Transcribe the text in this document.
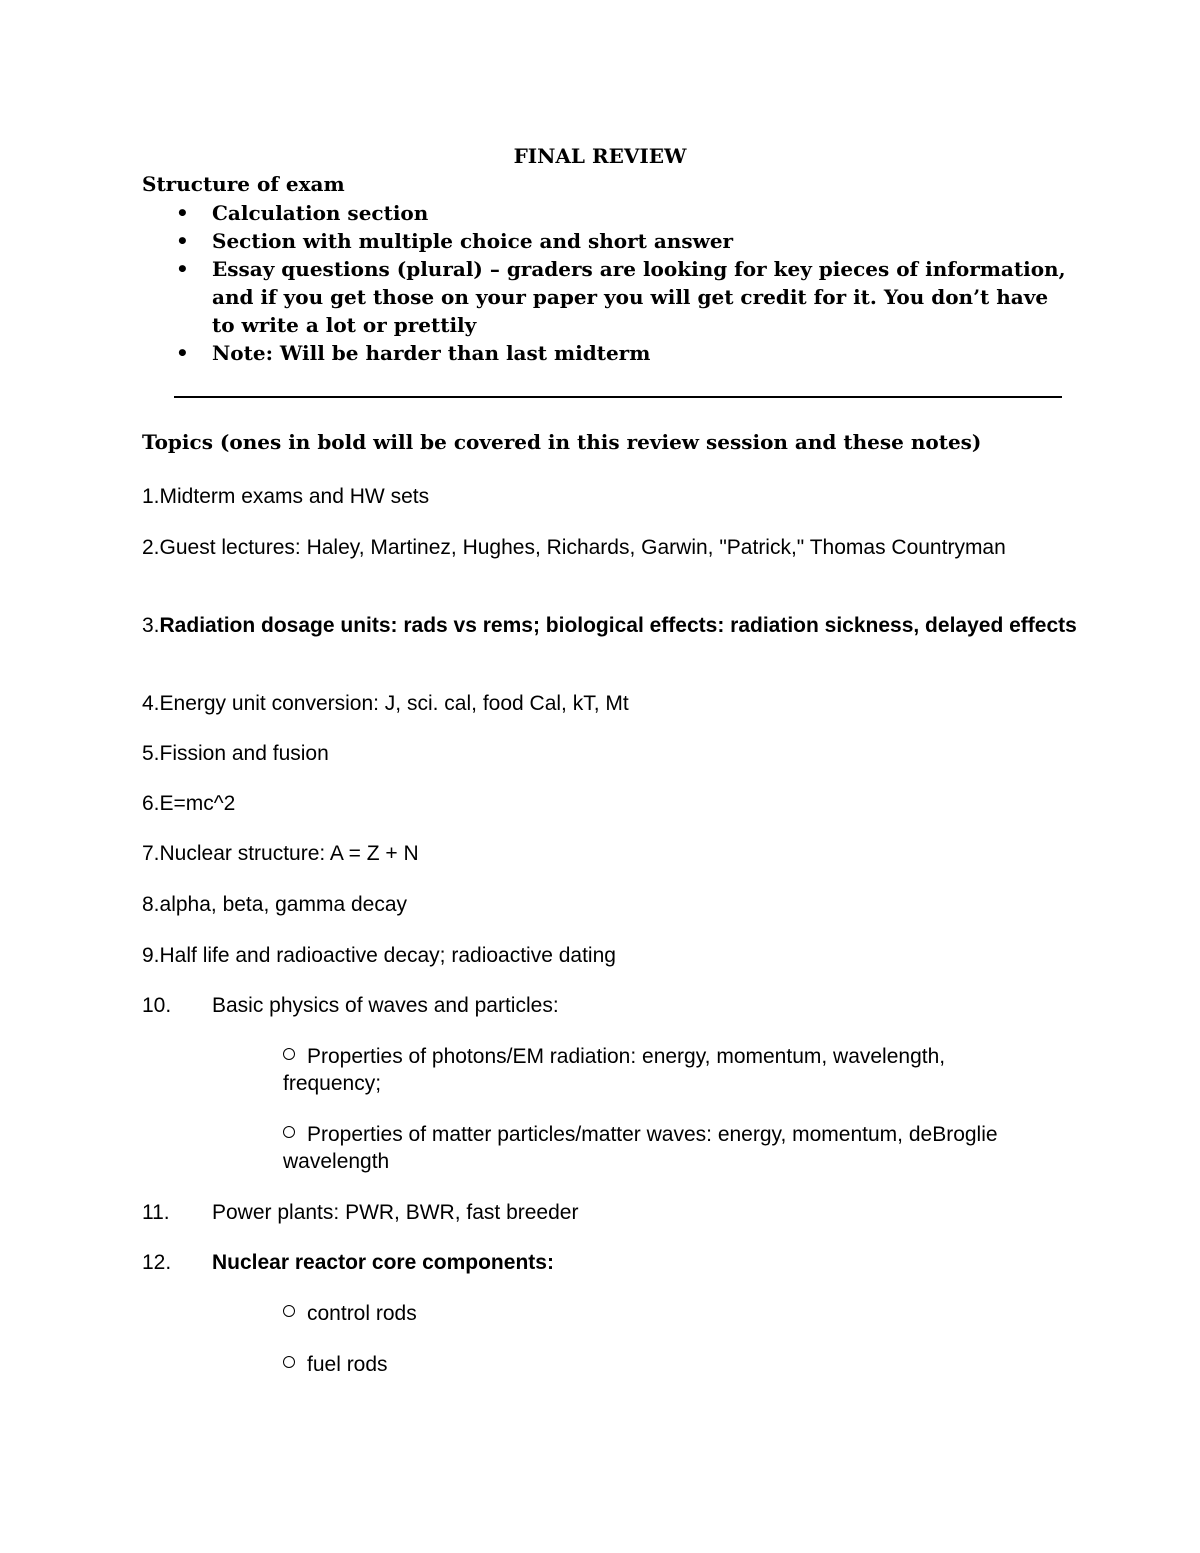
FINAL REVIEW
Structure of exam
• Calculation section
• Section with multiple choice and short answer
• Essay questions (plural) – graders are looking for key pieces of information, and if you get those on your paper you will get credit for it. You don’t have to write a lot or prettily
• Note: Will be harder than last midterm
Topics (ones in bold will be covered in this review session and these notes)
1.Midterm exams and HW sets
2.Guest lectures: Haley, Martinez, Hughes, Richards, Garwin, "Patrick," Thomas Countryman
3.Radiation dosage units: rads vs rems; biological effects: radiation sickness, delayed effects
4.Energy unit conversion: J, sci. cal, food Cal, kT, Mt
5.Fission and fusion
6.E=mc^2
7.Nuclear structure: A = Z + N
8.alpha, beta, gamma decay
9.Half life and radioactive decay; radioactive dating
10. Basic physics of waves and particles:
Properties of photons/EM radiation: energy, momentum, wavelength, frequency;
Properties of matter particles/matter waves: energy, momentum, deBroglie wavelength
11. Power plants: PWR, BWR, fast breeder
12. Nuclear reactor core components:
control rods
fuel rods
